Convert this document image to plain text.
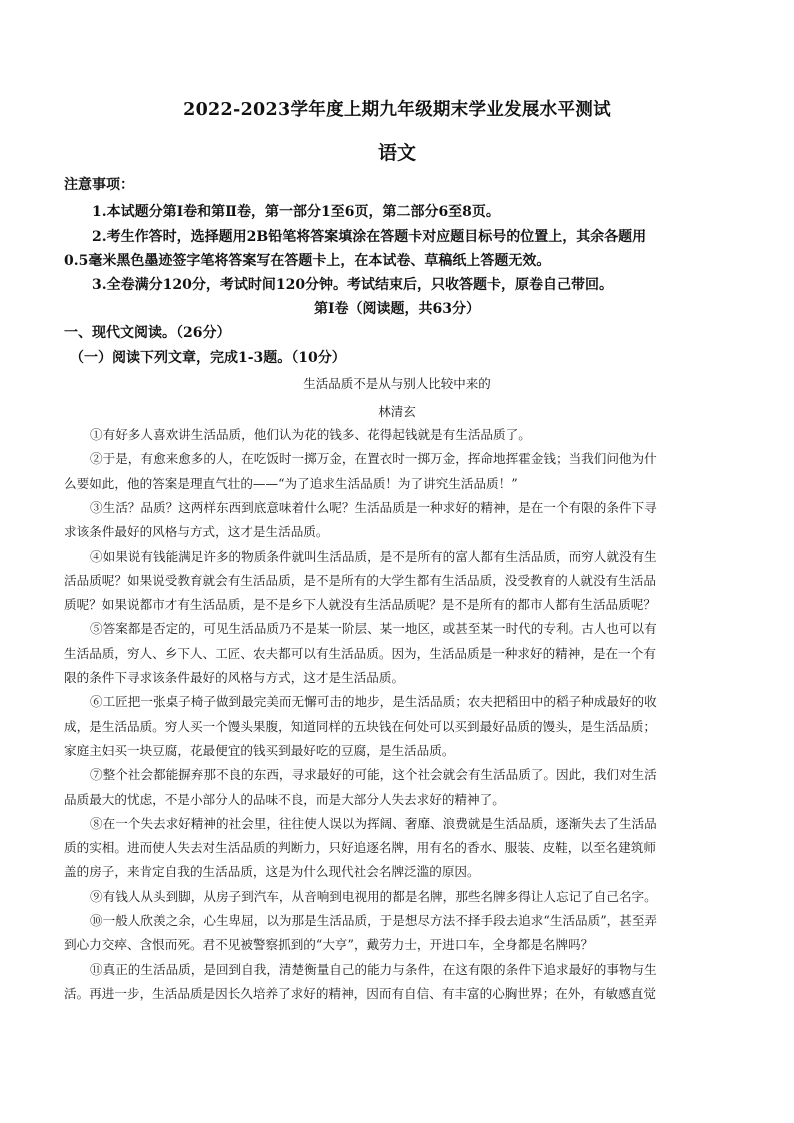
2022-2023学年度上期九年级期末学业发展水平测试
语文
注意事项：
1.本试题分第Ⅰ卷和第Ⅱ卷，第一部分1至6页，第二部分6至8页。
2.考生作答时，选择题用2B铅笔将答案填涂在答题卡对应题目标号的位置上，其余各题用
0.5毫米黑色墨迹签字笔将答案写在答题卡上，在本试卷、草稿纸上答题无效。
3.全卷满分120分，考试时间120分钟。考试结束后，只收答题卡，原卷自己带回。
第Ⅰ卷（阅读题，共63分）
一、现代文阅读。（26分）
（一）阅读下列文章，完成1-3题。（10分）
生活品质不是从与别人比较中来的
林清玄
①有好多人喜欢讲生活品质，他们认为花的钱多、花得起钱就是有生活品质了。
②于是，有愈来愈多的人，在吃饭时一掷万金，在置衣时一掷万金，挥命地挥霍金钱；当我们问他为什
么要如此，他的答案是理直气壮的——“为了追求生活品质！为了讲究生活品质！”
③生活？品质？这两样东西到底意味着什么呢？生活品质是一种求好的精神，是在一个有限的条件下寻
求该条件最好的风格与方式，这才是生活品质。
④如果说有钱能满足许多的物质条件就叫生活品质，是不是所有的富人都有生活品质，而穷人就没有生
活品质呢？如果说受教育就会有生活品质，是不是所有的大学生都有生活品质，没受教育的人就没有生活品
质呢？如果说都市才有生活品质，是不是乡下人就没有生活品质呢？是不是所有的都市人都有生活品质呢？
⑤答案都是否定的，可见生活品质乃不是某一阶层、某一地区，或甚至某一时代的专利。古人也可以有
生活品质，穷人、乡下人、工匠、农夫都可以有生活品质。因为，生活品质是一种求好的精神，是在一个有
限的条件下寻求该条件最好的风格与方式，这才是生活品质。
⑥工匠把一张桌子椅子做到最完美而无懈可击的地步，是生活品质；农夫把稻田中的稻子种成最好的收
成，是生活品质。穷人买一个馒头果腹，知道同样的五块钱在何处可以买到最好品质的馒头，是生活品质；
家庭主妇买一块豆腐，花最便宜的钱买到最好吃的豆腐，是生活品质。
⑦整个社会都能摒弃那不良的东西，寻求最好的可能，这个社会就会有生活品质了。因此，我们对生活
品质最大的忧虑，不是小部分人的品味不良，而是大部分人失去求好的精神了。
⑧在一个失去求好精神的社会里，往往使人误以为挥阔、奢靡、浪费就是生活品质，逐渐失去了生活品
质的实相。进而使人失去对生活品质的判断力，只好追逐名牌，用有名的香水、服装、皮鞋，以至名建筑师
盖的房子，来肯定自我的生活品质，这是为什么现代社会名牌泛滥的原因。
⑨有钱人从头到脚，从房子到汽车，从音响到电视用的都是名牌，那些名牌多得让人忘记了自己名字。
⑩一般人欣羡之余，心生卑屈，以为那是生活品质，于是想尽方法不择手段去追求“生活品质”，甚至弄
到心力交瘁、含恨而死。君不见被警察抓到的“大亨”，戴劳力士，开进口车，全身都是名牌吗？
⑪真正的生活品质，是回到自我，清楚衡量自己的能力与条件，在这有限的条件下追求最好的事物与生
活。再进一步，生活品质是因长久培养了求好的精神，因而有自信、有丰富的心胸世界；在外，有敏感直觉
